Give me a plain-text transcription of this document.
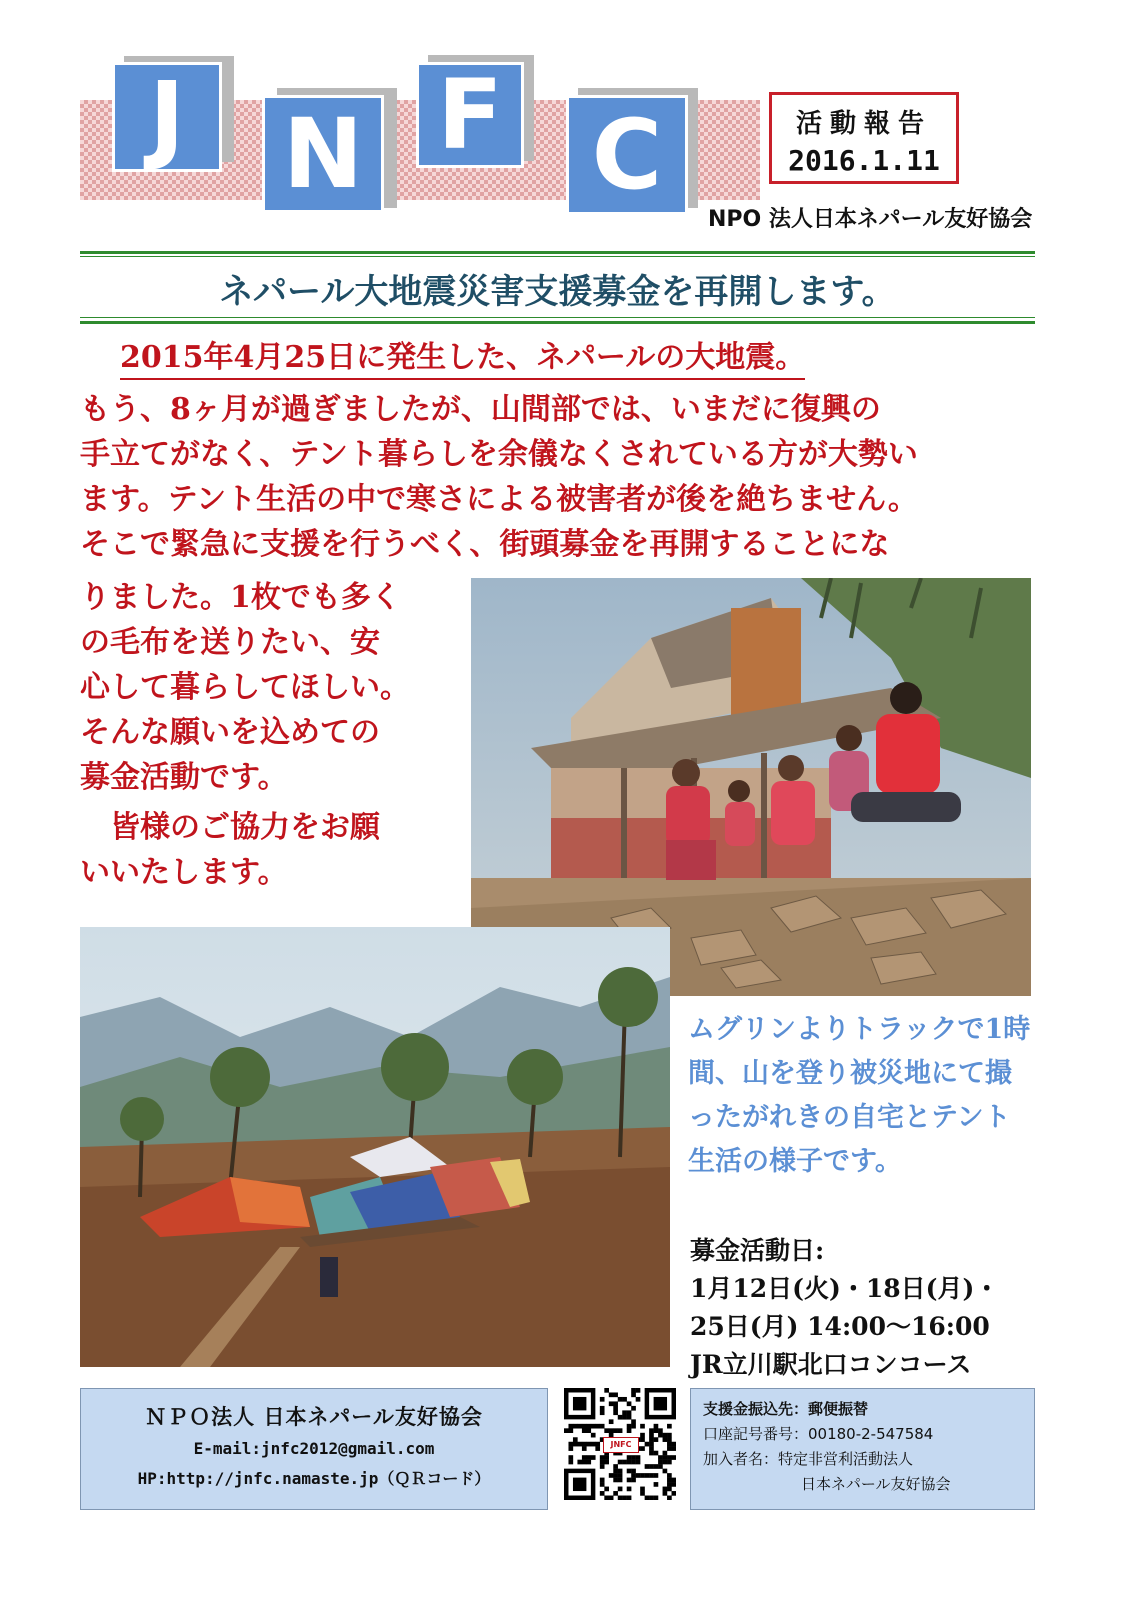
J	N F C	活動報告
2016.1.11
NPO 法人日本ネパール友好協会
ネパール大地震災害支援募金を再開します。
2015年4月25日に発生した、ネパールの大地震。
もう、8ヶ月が過ぎましたが、山間部では、いまだに復興の
手立てがなく、テント暮らしを余儀なくされている方が大勢い
ます。テント生活の中で寒さによる被害者が後を絶ちません。
そこで緊急に支援を行うべく、街頭募金を再開することにな
りました。1枚でも多く
の毛布を送りたい、安
心して暮らしてほしい。
そんな願いを込めての
募金活動です。
　皆様のご協力をお願
いいたします。
ムグリンよりトラックで1時
間、山を登り被災地にて撮
ったがれきの自宅とテント
生活の様子です。
募金活動日:
1月12日(火)・18日(月)・
25日(月) 14:00〜16:00
JR立川駅北口コンコース
ＮＰＯ法人 日本ネパール友好協会
E-mail:jnfc2012@gmail.com
HP:http://jnfc.namaste.jp（ＱＲコード）
JNFC
支援金振込先：郵便振替
口座記号番号：00180-2-547584
加入者名：特定非営利活動法人
日本ネパール友好協会
